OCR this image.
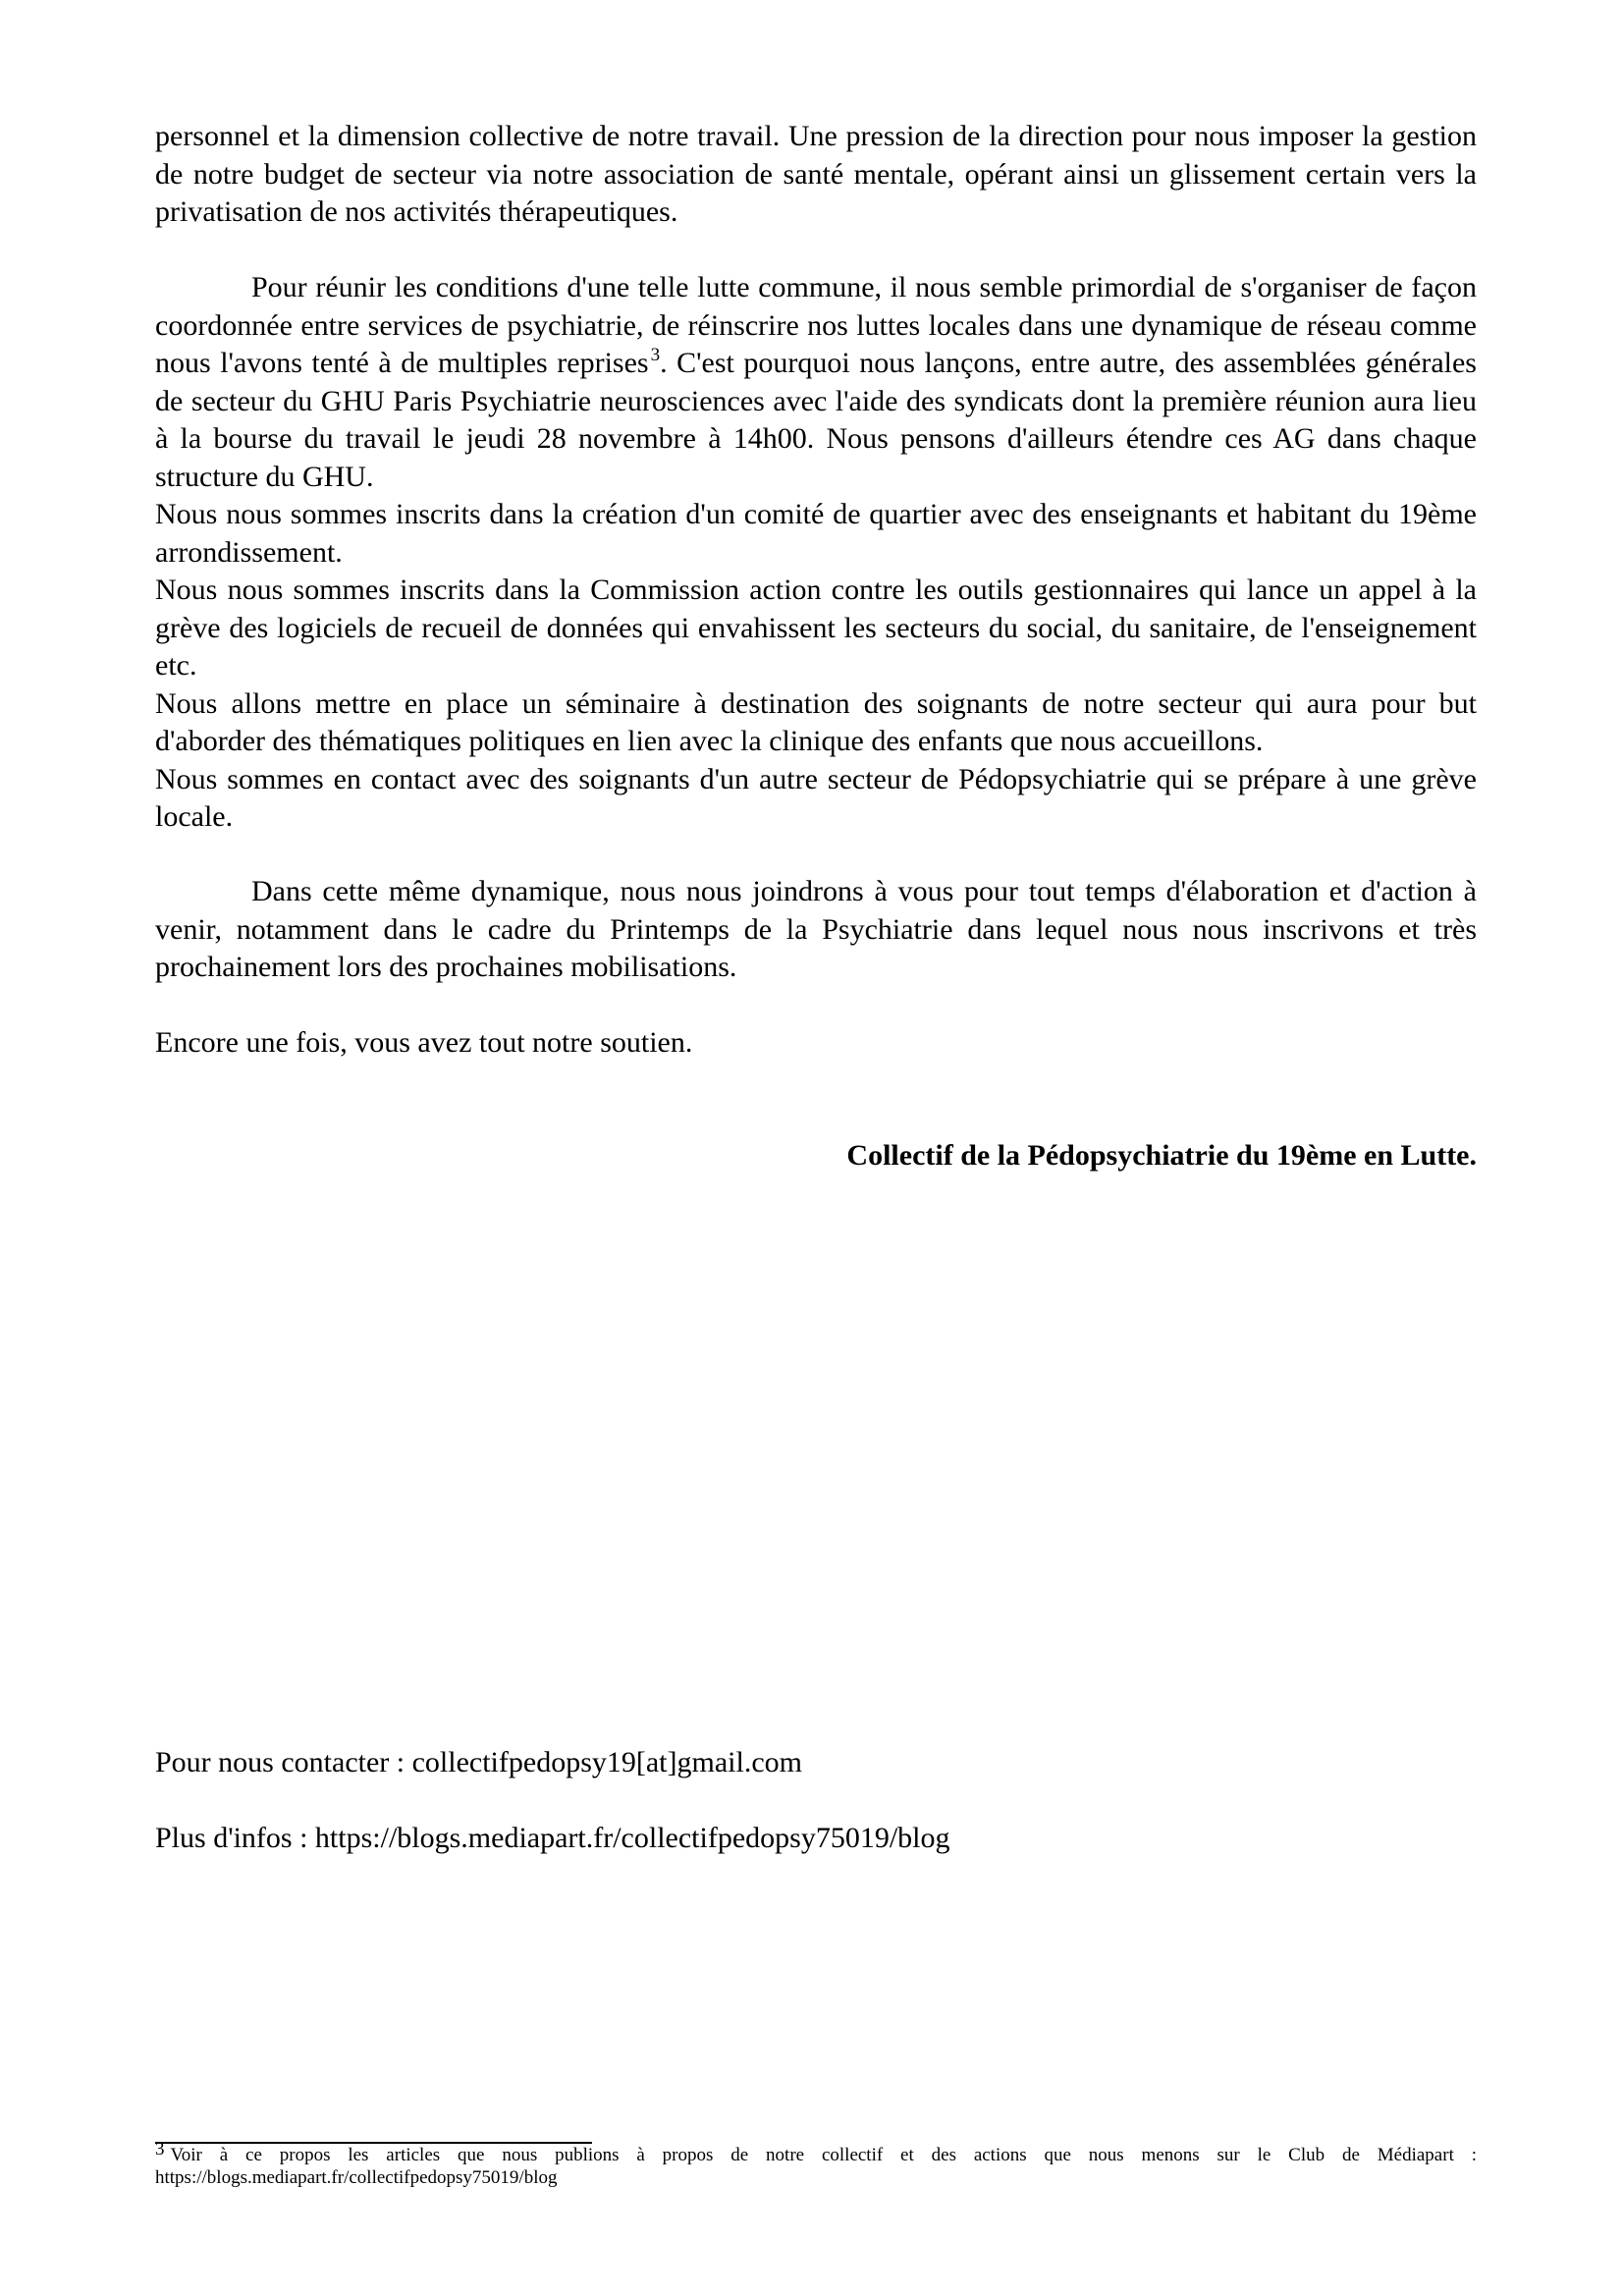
personnel et la dimension collective de notre travail. Une pression de la direction pour nous imposer la gestion de notre budget de secteur via notre association de santé mentale, opérant ainsi un glissement certain vers la privatisation de nos activités thérapeutiques.

Pour réunir les conditions d'une telle lutte commune, il nous semble primordial de s'organiser de façon coordonnée entre services de psychiatrie, de réinscrire nos luttes locales dans une dynamique de réseau comme nous l'avons tenté à de multiples reprises $^3$. C'est pourquoi nous lançons, entre autre, des assemblées générales de secteur du GHU Paris Psychiatrie neurosciences avec l'aide des syndicats dont la première réunion aura lieu à la bourse du travail le jeudi 28 novembre à 14h00. Nous pensons d'ailleurs étendre ces AG dans chaque structure du GHU.
Nous nous sommes inscrits dans la création d'un comité de quartier avec des enseignants et habitant du 19ème arrondissement.
Nous nous sommes inscrits dans la Commission action contre les outils gestionnaires qui lance un appel à la grève des logiciels de recueil de données qui envahissent les secteurs du social, du sanitaire, de l'enseignement etc.
Nous allons mettre en place un séminaire à destination des soignants de notre secteur qui aura pour but d'aborder des thématiques politiques en lien avec la clinique des enfants que nous accueillons.
Nous sommes en contact avec des soignants d'un autre secteur de Pédopsychiatrie qui se prépare à une grève locale.

Dans cette même dynamique, nous nous joindrons à vous pour tout temps d'élaboration et d'action à venir, notamment dans le cadre du Printemps de la Psychiatrie dans lequel nous nous inscrivons et très prochainement lors des prochaines mobilisations.

Encore une fois, vous avez tout notre soutien.

Collectif de la Pédopsychiatrie du 19ème en Lutte.

Pour nous contacter : collectifpedopsy19[at]gmail.com

Plus d'infos : https://blogs.mediapart.fr/collectifpedopsy75019/blog

3 Voir à ce propos les articles que nous publions à propos de notre collectif et des actions que nous menons sur le Club de Médiapart : https://blogs.mediapart.fr/collectifpedopsy75019/blog
